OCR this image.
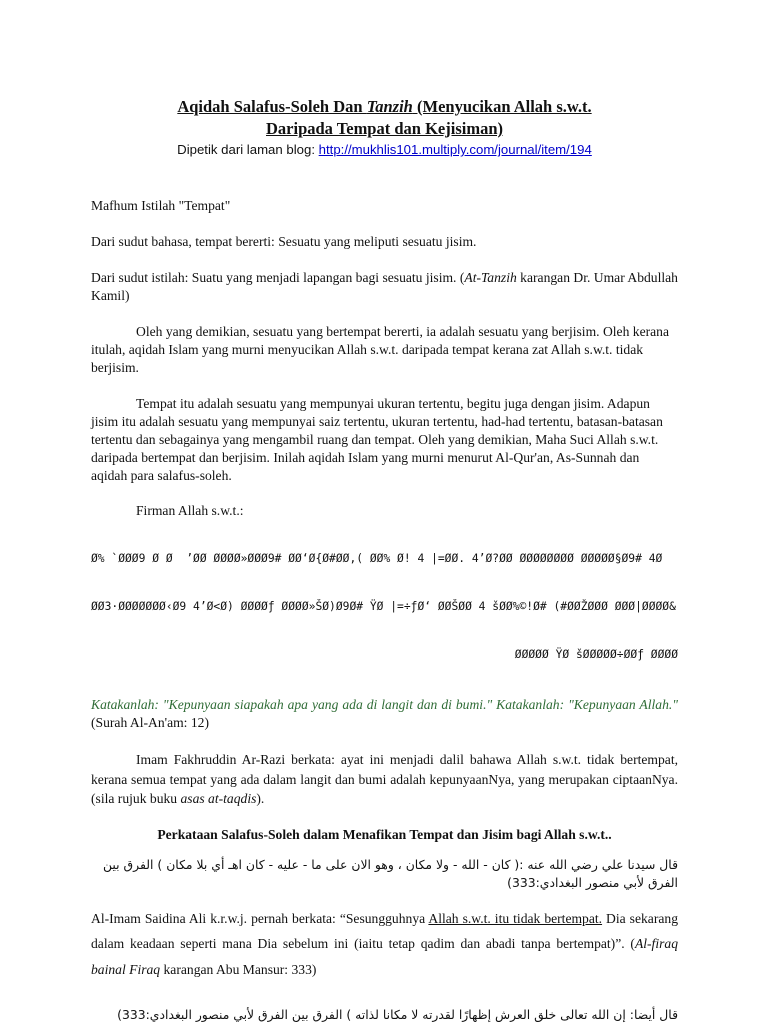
Aqidah Salafus-Soleh Dan Tanzih (Menyucikan Allah s.w.t.
Daripada Tempat dan Kejisiman)
Dipetik dari laman blog: http://mukhlis101.multiply.com/journal/item/194

Mafhum Istilah "Tempat"

Dari sudut bahasa, tempat bererti: Sesuatu yang meliputi sesuatu jisim.

Dari sudut istilah: Suatu yang menjadi lapangan bagi sesuatu jisim. (At-Tanzih karangan Dr. Umar Abdullah Kamil)

Oleh yang demikian, sesuatu yang bertempat bererti, ia adalah sesuatu yang berjisim. Oleh kerana itulah, aqidah Islam yang murni menyucikan Allah s.w.t. daripada tempat kerana zat Allah s.w.t. tidak berjisim.

Tempat itu adalah sesuatu yang mempunyai ukuran tertentu, begitu juga dengan jisim. Adapun jisim itu adalah sesuatu yang mempunyai saiz tertentu, ukuran tertentu, had-had tertentu, batasan-batasan tertentu dan sebagainya yang mengambil ruang dan tempat. Oleh yang demikian, Maha Suci Allah s.w.t. daripada bertempat dan berjisim. Inilah aqidah Islam yang murni menurut Al-Qur'an, As-Sunnah dan aqidah para salafus-soleh.

Firman Allah s.w.t.:

Ø% `ØØØ9 Ø Ø  ’ØØ ØØØØ»ØØØ9# ØØ‘Ø{Ø#ØØ‚( ØØ% Ø! 4 |=ØØ. 4’Ø?ØØ ØØØØØØØØ ØØØØØ§Ø9# 4Ø

ØØ3·ØØØØØØØ‹Ø9 4’Ø<Ø) ØØØØƒ ØØØØ»ŠØ)Ø9Ø# ŸØ |=÷ƒØ‘ ØØŠØØ 4 šØØ%©!Ø# (#ØØŽØØØ ØØØ|ØØØØ&

ØØØØØ ŸØ šØØØØØ÷ØØƒ ØØØØ

Katakanlah: "Kepunyaan siapakah apa yang ada di langit dan di bumi." Katakanlah: "Kepunyaan Allah." (Surah Al-An'am: 12)

Imam Fakhruddin Ar-Razi berkata: ayat ini menjadi dalil bahawa Allah s.w.t. tidak bertempat, kerana semua tempat yang ada dalam langit dan bumi adalah kepunyaanNya, yang merupakan ciptaanNya. (sila rujuk buku asas at-taqdis).

Perkataan Salafus-Soleh dalam Menafikan Tempat dan Jisim bagi Allah s.w.t..

قال سيدنا علي رضي الله عنه :( كان - الله - ولا مكان ، وهو الان على ما - عليه - كان اهـ أي بلا مكان ) الفرق بين الفرق لأبي منصور البغدادي:333)

Al-Imam Saidina Ali k.r.w.j. pernah berkata: “Sesungguhnya Allah s.w.t. itu tidak bertempat. Dia sekarang dalam keadaan seperti mana Dia sebelum ini (iaitu tetap qadim dan abadi tanpa bertempat)”. (Al-firaq bainal Firaq karangan Abu Mansur: 333)

قال أيضا: إن الله تعالى خلق العرش إظهارًا لقدرته لا مكانا لذاته ) الفرق بين الفرق لأبي منصور البغدادي:333)
